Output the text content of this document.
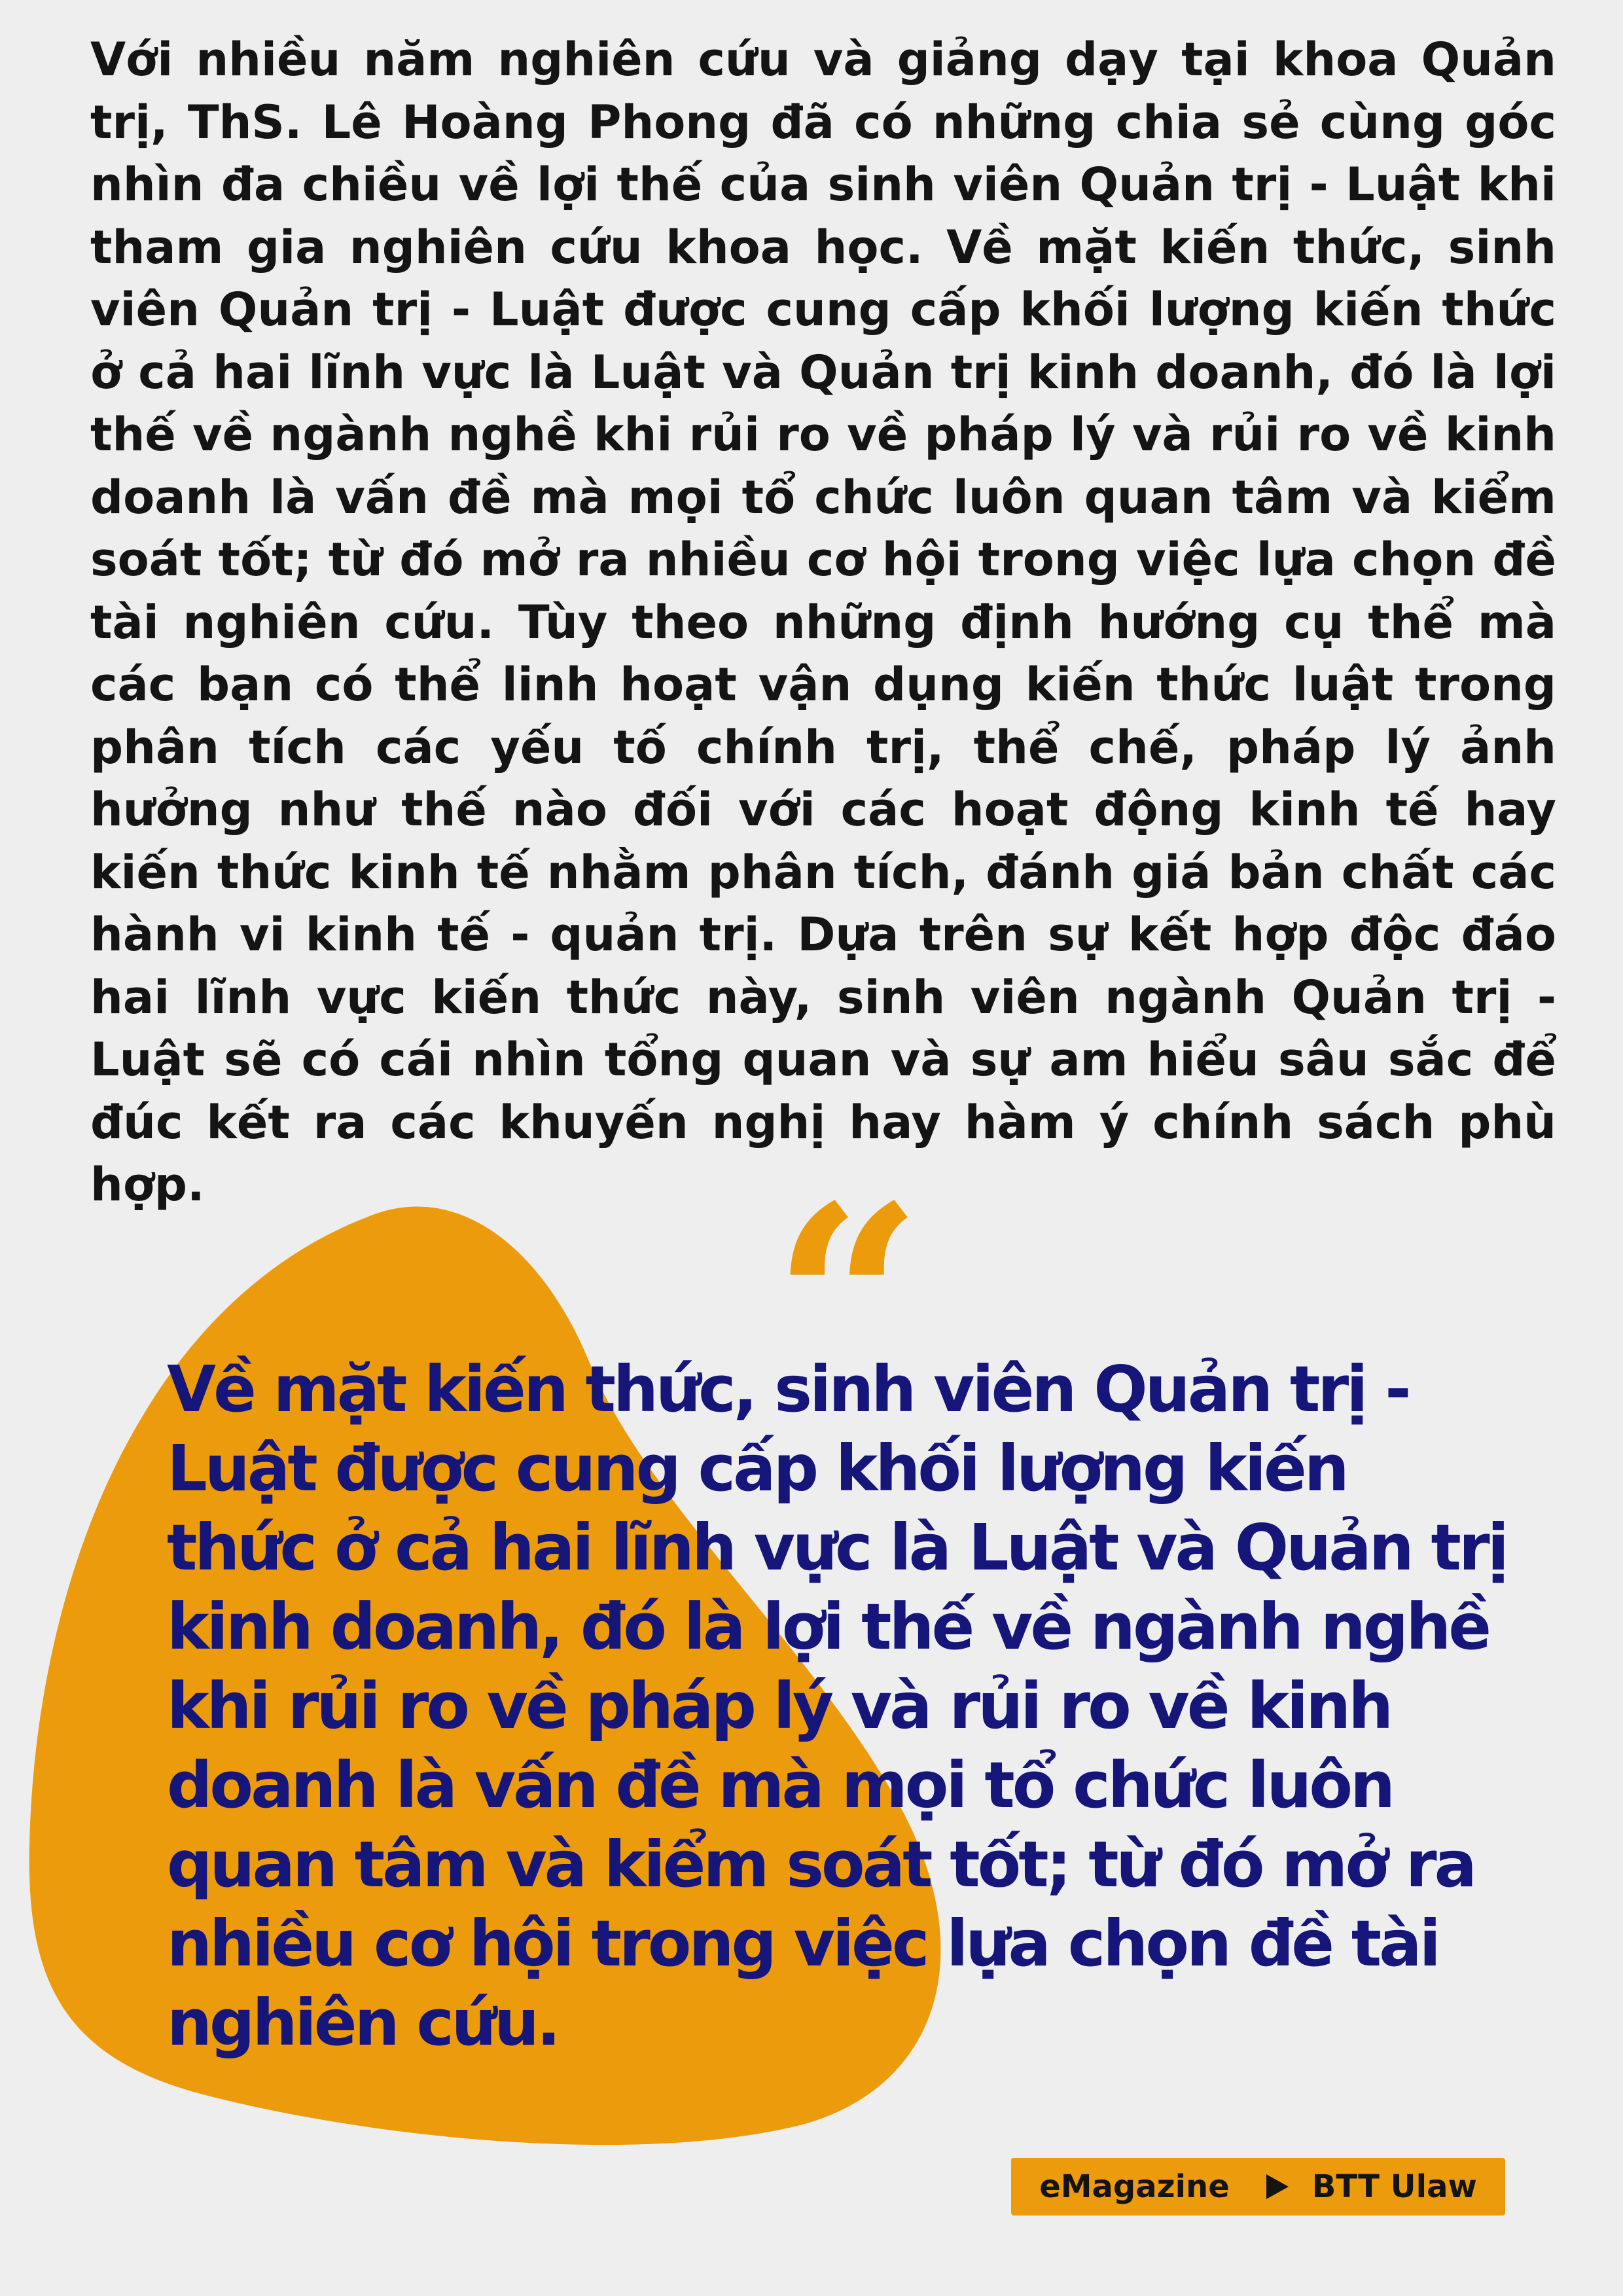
Với nhiều năm nghiên cứu và giảng dạy tại khoa Quản trị, ThS. Lê Hoàng Phong đã có những chia sẻ cùng góc nhìn đa chiều về lợi thế của sinh viên Quản trị - Luật khi tham gia nghiên cứu khoa học. Về mặt kiến thức, sinh viên Quản trị - Luật được cung cấp khối lượng kiến thức ở cả hai lĩnh vực là Luật và Quản trị kinh doanh, đó là lợi thế về ngành nghề khi rủi ro về pháp lý và rủi ro về kinh doanh là vấn đề mà mọi tổ chức luôn quan tâm và kiểm soát tốt; từ đó mở ra nhiều cơ hội trong việc lựa chọn đề tài nghiên cứu. Tùy theo những định hướng cụ thể mà các bạn có thể linh hoạt vận dụng kiến thức luật trong phân tích các yếu tố chính trị, thể chế, pháp lý ảnh hưởng như thế nào đối với các hoạt động kinh tế hay kiến thức kinh tế nhằm phân tích, đánh giá bản chất các hành vi kinh tế - quản trị. Dựa trên sự kết hợp độc đáo hai lĩnh vực kiến thức này, sinh viên ngành Quản trị - Luật sẽ có cái nhìn tổng quan và sự am hiểu sâu sắc để đúc kết ra các khuyến nghị hay hàm ý chính sách phù hợp.	“

Về mặt kiến thức, sinh viên Quản trị - Luật được cung cấp khối lượng kiến thức ở cả hai lĩnh vực là Luật và Quản trị kinh doanh, đó là lợi thế về ngành nghề khi rủi ro về pháp lý và rủi ro về kinh doanh là vấn đề mà mọi tổ chức luôn quan tâm và kiểm soát tốt; từ đó mở ra nhiều cơ hội trong việc lựa chọn đề tài nghiên cứu.

eMagazine	BTT Ulaw
